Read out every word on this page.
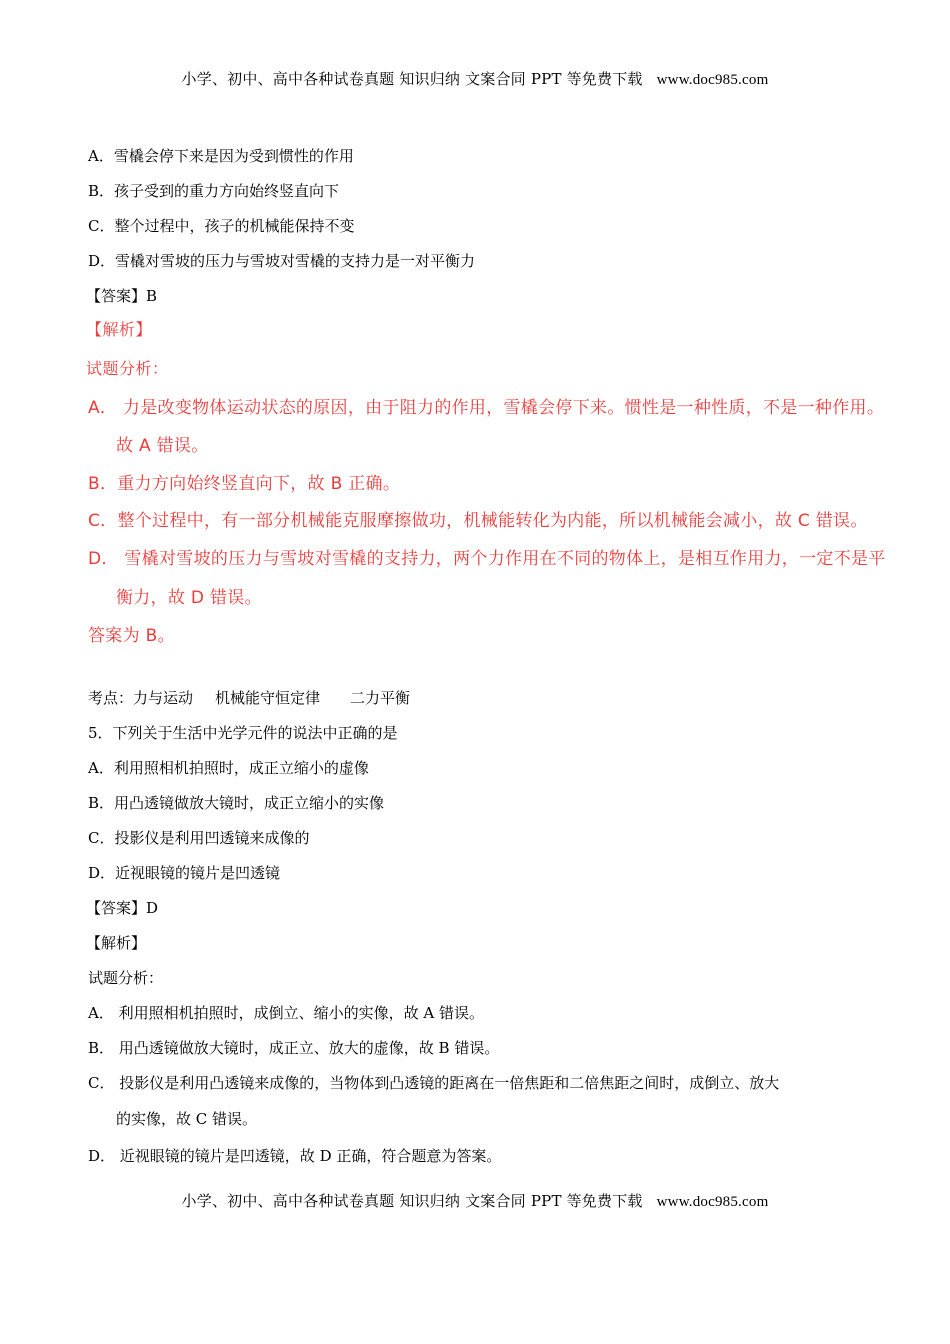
小学、初中、高中各种试卷真题 知识归纳 文案合同 PPT 等免费下载 www.doc985.com
A．雪橇会停下来是因为受到惯性的作用
B．孩子受到的重力方向始终竖直向下
C．整个过程中，孩子的机械能保持不变
D．雪橇对雪坡的压力与雪坡对雪橇的支持力是一对平衡力
【答案】B
【解析】
试题分析：
A． 力是改变物体运动状态的原因，由于阻力的作用，雪橇会停下来。惯性是一种性质，不是一种作用。
故 A 错误。
B．重力方向始终竖直向下，故 B 正确。
C．整个过程中，有一部分机械能克服摩擦做功，机械能转化为内能，所以机械能会减小，故 C 错误。
D． 雪橇对雪坡的压力与雪坡对雪橇的支持力，两个力作用在不同的物体上，是相互作用力，一定不是平
衡力，故 D 错误。
答案为 B。
考点：力与运动 机械能守恒定律 二力平衡
5．下列关于生活中光学元件的说法中正确的是
A．利用照相机拍照时，成正立缩小的虚像
B．用凸透镜做放大镜时，成正立缩小的实像
C．投影仪是利用凹透镜来成像的
D．近视眼镜的镜片是凹透镜
【答案】D
【解析】
试题分析：
A． 利用照相机拍照时，成倒立、缩小的实像，故 A 错误。
B． 用凸透镜做放大镜时，成正立、放大的虚像，故 B 错误。
C． 投影仪是利用凸透镜来成像的，当物体到凸透镜的距离在一倍焦距和二倍焦距之间时，成倒立、放大
的实像，故 C 错误。
D． 近视眼镜的镜片是凹透镜，故 D 正确，符合题意为答案。
小学、初中、高中各种试卷真题 知识归纳 文案合同 PPT 等免费下载 www.doc985.com
